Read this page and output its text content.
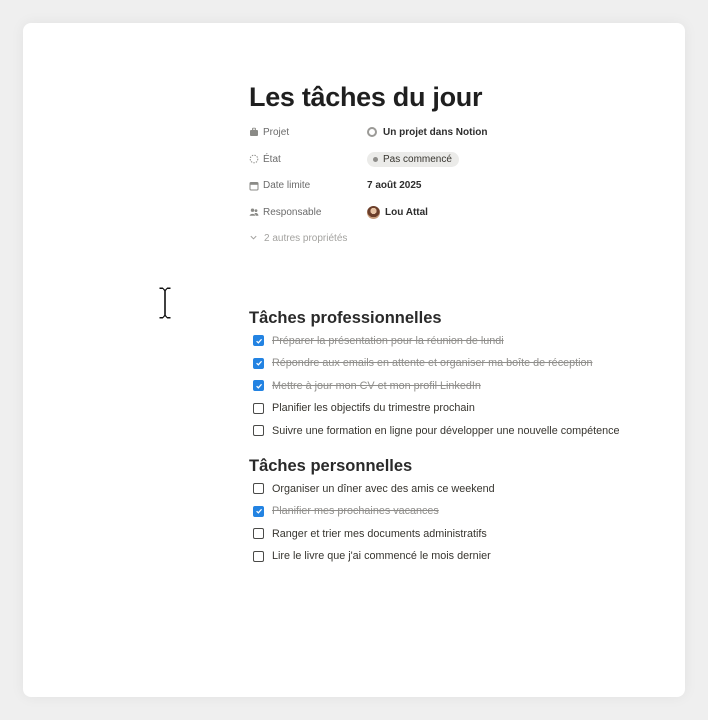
Les tâches du jour
Projet	Un projet dans Notion
État	Pas commencé
Date limite	7 août 2025
Responsable	Lou Attal
2 autres propriétés
Tâches professionnelles
Préparer la présentation pour la réunion de lundi
Répondre aux emails en attente et organiser ma boîte de réception
Mettre à jour mon CV et mon profil LinkedIn
Planifier les objectifs du trimestre prochain
Suivre une formation en ligne pour développer une nouvelle compétence
Tâches personnelles
Organiser un dîner avec des amis ce weekend
Planifier mes prochaines vacances
Ranger et trier mes documents administratifs
Lire le livre que j'ai commencé le mois dernier
